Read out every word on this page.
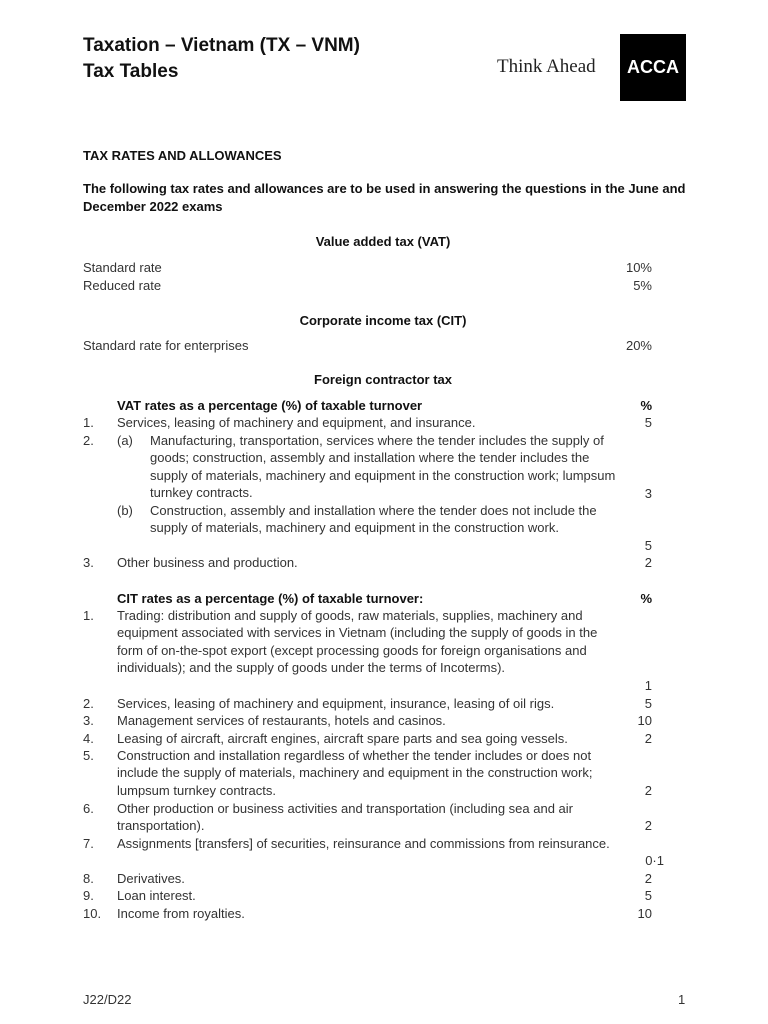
Taxation – Vietnam (TX – VNM)
Tax Tables	Think Ahead	ACCA
TAX RATES AND ALLOWANCES
The following tax rates and allowances are to be used in answering the questions in the June and December 2022 exams
Value added tax (VAT)
Standard rate	10%
Reduced rate	5%
Corporate income tax (CIT)
Standard rate for enterprises	20%
Foreign contractor tax
VAT rates as a percentage (%) of taxable turnover	%
1. Services, leasing of machinery and equipment, and insurance.	5
2. (a) Manufacturing, transportation, services where the tender includes the supply of goods; construction, assembly and installation where the tender includes the supply of materials, machinery and equipment in the construction work; lumpsum turnkey contracts.	3
(b) Construction, assembly and installation where the tender does not include the supply of materials, machinery and equipment in the construction work.
5
3. Other business and production.	2
CIT rates as a percentage (%) of taxable turnover:	%
1. Trading: distribution and supply of goods, raw materials, supplies, machinery and equipment associated with services in Vietnam (including the supply of goods in the form of on-the-spot export (except processing goods for foreign organisations and individuals); and the supply of goods under the terms of Incoterms).
1
2. Services, leasing of machinery and equipment, insurance, leasing of oil rigs.	5
3. Management services of restaurants, hotels and casinos.	10
4. Leasing of aircraft, aircraft engines, aircraft spare parts and sea going vessels.	2
5. Construction and installation regardless of whether the tender includes or does not include the supply of materials, machinery and equipment in the construction work; lumpsum turnkey contracts.	2
6. Other production or business activities and transportation (including sea and air transportation).	2
7. Assignments [transfers] of securities, reinsurance and commissions from reinsurance.
0·1
8. Derivatives.	2
9. Loan interest.	5
10. Income from royalties.	10
J22/D22	1
